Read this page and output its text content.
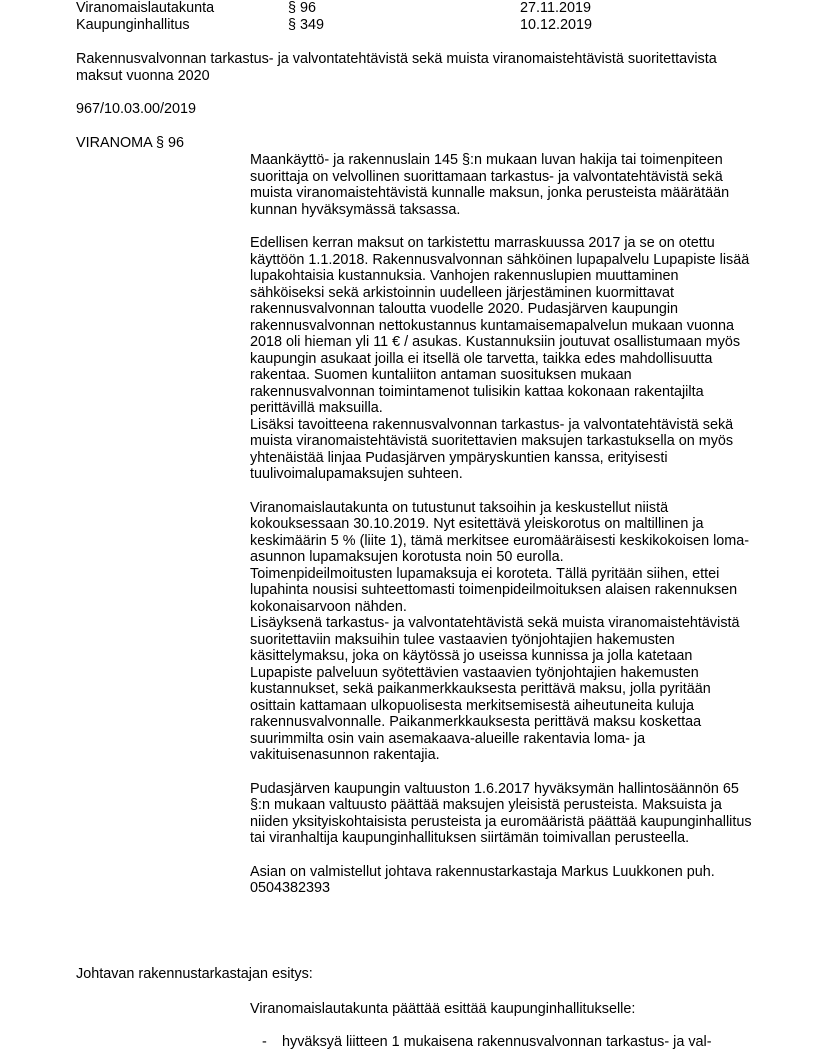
Viranomaislautakunta	§ 96	27.11.2019
Kaupunginhallitus	§ 349	10.12.2019
Rakennusvalvonnan tarkastus- ja valvontatehtävistä sekä muista viranomaistehtävistä suoritettavista maksut vuonna 2020
967/10.03.00/2019
VIRANOMA § 96

Maankäyttö- ja rakennuslain 145 §:n mukaan luvan hakija tai toimenpiteen suorittaja on velvollinen suorittamaan tarkastus- ja valvontatehtävistä sekä muista viranomaistehtävistä kunnalle maksun, jonka perusteista määrätään kunnan hyväksymässä taksassa.

Edellisen kerran maksut on tarkistettu marraskuussa 2017 ja se on otettu käyttöön 1.1.2018. Rakennusvalvonnan sähköinen lupapalvelu Lupapiste lisää lupakohtaisia kustannuksia. Vanhojen rakennuslupien muuttaminen sähköiseksi sekä arkistoinnin uudelleen järjestäminen kuormittavat rakennusvalvonnan taloutta vuodelle 2020. Pudasjärven kaupungin rakennusvalvonnan nettokustannus kuntamaisemapalvelun mukaan vuonna 2018 oli hieman yli 11 € / asukas. Kustannuksiin joutuvat osallistumaan myös kaupungin asukaat joilla ei itsellä ole tarvetta, taikka edes mahdollisuutta rakentaa. Suomen kuntaliiton antaman suosituksen mukaan rakennusvalvonnan toimintamenot tulisikin kattaa kokonaan rakentajilta perittävillä maksuilla.
Lisäksi tavoitteena rakennusvalvonnan tarkastus- ja valvontatehtävistä sekä muista viranomaistehtävistä suoritettavien maksujen tarkastuksella on myös yhtenäistää linjaa Pudasjärven ympäryskuntien kanssa, erityisesti tuulivoimalupamaksujen suhteen.

Viranomaislautakunta on tutustunut taksoihin ja keskustellut niistä kokouksessaan 30.10.2019. Nyt esitettävä yleiskorotus on maltillinen ja keskimäärin 5 % (liite 1), tämä merkitsee euromääräisesti keskikokoisen loma-asunnon lupamaksujen korotusta noin 50 eurolla.
Toimenpideilmoitusten lupamaksuja ei koroteta. Tällä pyritään siihen, ettei lupahinta nousisi suhteettomasti toimenpideilmoituksen alaisen rakennuksen kokonaisarvoon nähden.
Lisäyksenä tarkastus- ja valvontatehtävistä sekä muista viranomaistehtävistä suoritettaviin maksuihin tulee vastaavien työnjohtajien hakemusten käsittelymaksu, joka on käytössä jo useissa kunnissa ja jolla katetaan Lupapiste palveluun syötettävien vastaavien työnjohtajien hakemusten kustannukset, sekä paikanmerkkauksesta perittävä maksu, jolla pyritään osittain kattamaan ulkopuolisesta merkitsemisestä aiheutuneita kuluja rakennusvalvonnalle. Paikanmerkkauksesta perittävä maksu koskettaa suurimmilta osin vain asemakaava-alueille rakentavia loma- ja vakituisenasunnon rakentajia.

Pudasjärven kaupungin valtuuston 1.6.2017 hyväksymän hallintosäännön 65 §:n mukaan valtuusto päättää maksujen yleisistä perusteista. Maksuista ja niiden yksityiskohtaisista perusteista ja euromääristä päättää kaupunginhallitus tai viranhaltija kaupunginhallituksen siirtämän toimivallan perusteella.

Asian on valmistellut johtava rakennustarkastaja Markus Luukkonen puh. 0504382393

Johtavan rakennustarkastajan esitys:
Viranomaislautakunta päättää esittää kaupunginhallitukselle:
- hyväksyä liitteen 1 mukaisena rakennusvalvonnan tarkastus- ja val-
